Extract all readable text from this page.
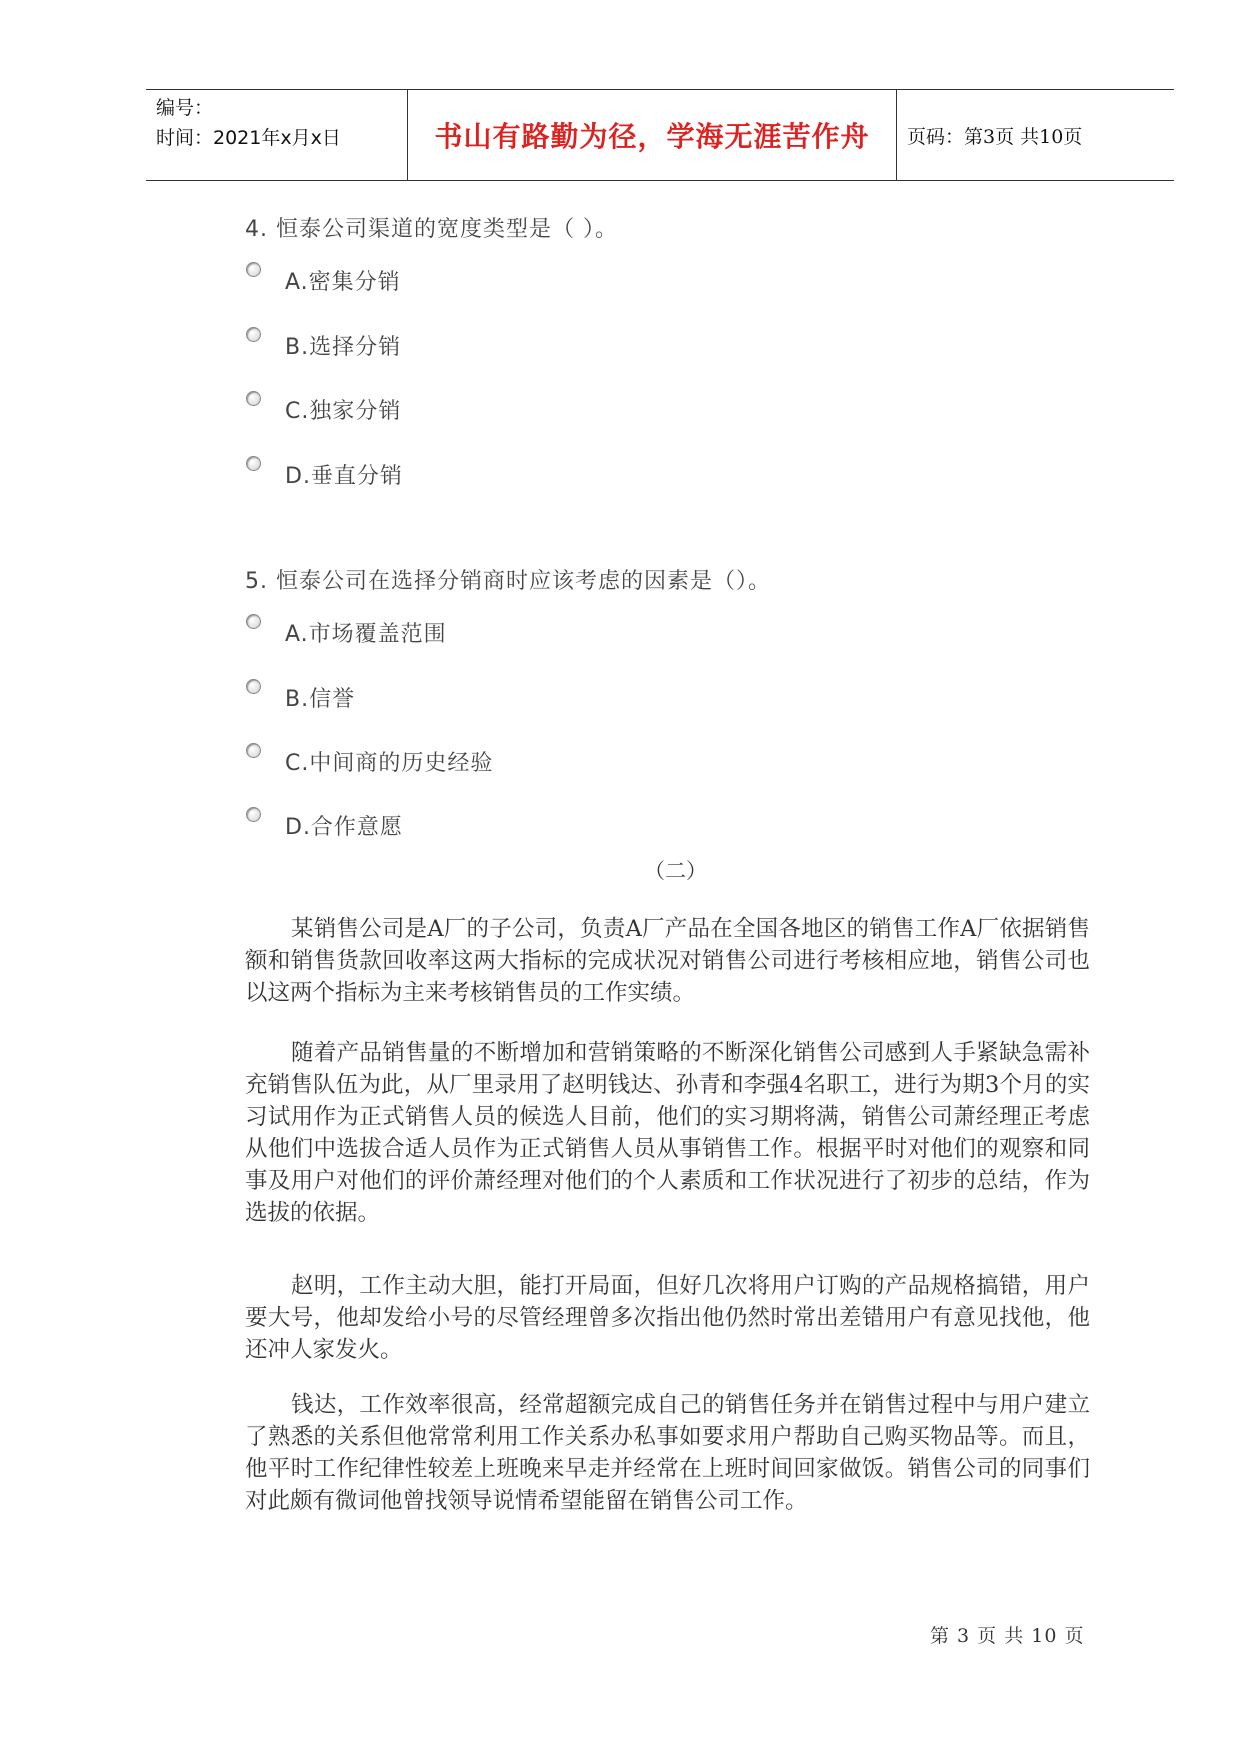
编号：
时间：2021年x月x日	书山有路勤为径，学海无涯苦作舟	页码：第3页 共10页
4. 恒泰公司渠道的宽度类型是（ ）。
A.密集分销
B.选择分销
C.独家分销
D.垂直分销
5. 恒泰公司在选择分销商时应该考虑的因素是（）。
A.市场覆盖范围
B.信誉
C.中间商的历史经验
D.合作意愿
（二）
某销售公司是A厂的子公司，负责A厂产品在全国各地区的销售工作A厂依据销售额和销售货款回收率这两大指标的完成状况对销售公司进行考核相应地，销售公司也以这两个指标为主来考核销售员的工作实绩。
随着产品销售量的不断增加和营销策略的不断深化销售公司感到人手紧缺急需补充销售队伍为此，从厂里录用了赵明钱达、孙青和李强4名职工，进行为期3个月的实习试用作为正式销售人员的候选人目前，他们的实习期将满，销售公司萧经理正考虑从他们中选拔合适人员作为正式销售人员从事销售工作。根据平时对他们的观察和同事及用户对他们的评价萧经理对他们的个人素质和工作状况进行了初步的总结，作为选拔的依据。
赵明，工作主动大胆，能打开局面，但好几次将用户订购的产品规格搞错，用户要大号，他却发给小号的尽管经理曾多次指出他仍然时常出差错用户有意见找他，他还冲人家发火。
钱达，工作效率很高，经常超额完成自己的销售任务并在销售过程中与用户建立了熟悉的关系但他常常利用工作关系办私事如要求用户帮助自己购买物品等。而且，他平时工作纪律性较差上班晚来早走并经常在上班时间回家做饭。销售公司的同事们对此颇有微词他曾找领导说情希望能留在销售公司工作。
第 3 页 共 10 页
